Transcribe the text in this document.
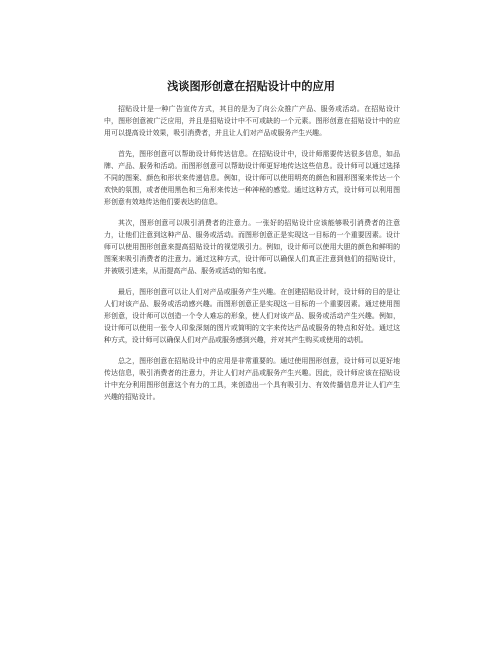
浅谈图形创意在招贴设计中的应用

招贴设计是一种广告宣传方式，其目的是为了向公众推广产品、服务或活动。在招贴设计中，图形创意被广泛应用，并且是招贴设计中不可或缺的一个元素。图形创意在招贴设计中的应用可以提高设计效果，吸引消费者，并且让人们对产品或服务产生兴趣。

首先，图形创意可以帮助设计师传达信息。在招贴设计中，设计师需要传达很多信息，如品牌、产品、服务和活动。而图形创意可以帮助设计师更好地传达这些信息。设计师可以通过选择不同的图案、颜色和形状来传递信息。例如，设计师可以使用明亮的颜色和圆形图案来传达一个欢快的氛围，或者使用黑色和三角形来传达一种神秘的感觉。通过这种方式，设计师可以利用图形创意有效地传达他们要表达的信息。

其次，图形创意可以吸引消费者的注意力。一张好的招贴设计应该能够吸引消费者的注意力，让他们注意到这种产品、服务或活动。而图形创意正是实现这一目标的一个重要因素。设计师可以使用图形创意来提高招贴设计的视觉吸引力。例如，设计师可以使用大胆的颜色和鲜明的图案来吸引消费者的注意力。通过这种方式，设计师可以确保人们真正注意到他们的招贴设计，并被吸引进来，从而提高产品、服务或活动的知名度。

最后，图形创意可以让人们对产品或服务产生兴趣。在创建招贴设计时，设计师的目的是让人们对该产品、服务或活动感兴趣。而图形创意正是实现这一目标的一个重要因素。通过使用图形创意，设计师可以创造一个令人难忘的形象，使人们对该产品、服务或活动产生兴趣。例如，设计师可以使用一张令人印象深刻的图片或简明的文字来传达产品或服务的特点和好处。通过这种方式，设计师可以确保人们对产品或服务感到兴趣，并对其产生购买或使用的动机。

总之，图形创意在招贴设计中的应用是非常重要的。通过使用图形创意，设计师可以更好地传达信息，吸引消费者的注意力，并让人们对产品或服务产生兴趣。因此，设计师应该在招贴设计中充分利用图形创意这个有力的工具，来创造出一个具有吸引力、有效传播信息并让人们产生兴趣的招贴设计。
